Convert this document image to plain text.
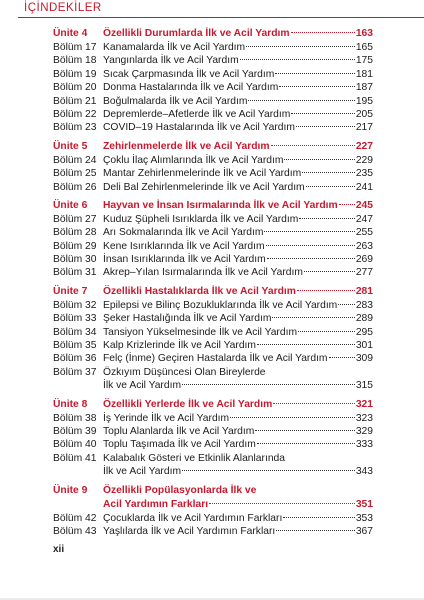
İÇİNDEKİLER
Ünite 4	Özellikli Durumlarda İlk ve Acil Yardım	163
Bölüm 17 Kanamalarda İlk ve Acil Yardım	165
Bölüm 18 Yangınlarda İlk ve Acil Yardım	175
Bölüm 19 Sıcak Çarpmasında İlk ve Acil Yardım	181
Bölüm 20 Donma Hastalarında İlk ve Acil Yardım	187
Bölüm 21 Boğulmalarda İlk ve Acil Yardım	195
Bölüm 22 Depremlerde–Afetlerde İlk ve Acil Yardım	205
Bölüm 23 COVID–19 Hastalarında İlk ve Acil Yardım	217
Ünite 5	Zehirlenmelerde İlk ve Acil Yardım	227
Bölüm 24 Çoklu İlaç Alımlarında İlk ve Acil Yardım	229
Bölüm 25 Mantar Zehirlenmelerinde İlk ve Acil Yardım	235
Bölüm 26 Deli Bal Zehirlenmelerinde İlk ve Acil Yardım	241
Ünite 6	Hayvan ve İnsan Isırmalarında İlk ve Acil Yardım 245
Bölüm 27 Kuduz Şüpheli Isırıklarda İlk ve Acil Yardım	247
Bölüm 28 Arı Sokmalarında İlk ve Acil Yardım	255
Bölüm 29 Kene Isırıklarında İlk ve Acil Yardım	263
Bölüm 30 İnsan Isırıklarında İlk ve Acil Yardım	269
Bölüm 31 Akrep–Yılan Isırmalarında İlk ve Acil Yardım	277
Ünite 7	Özellikli Hastalıklarda İlk ve Acil Yardım	281
Bölüm 32 Epilepsi ve Bilinç Bozukluklarında İlk ve Acil Yardım 283
Bölüm 33 Şeker Hastalığında İlk ve Acil Yardım	289
Bölüm 34 Tansiyon Yükselmesinde İlk ve Acil Yardım	295
Bölüm 35 Kalp Krizlerinde İlk ve Acil Yardım	301
Bölüm 36 Felç (İnme) Geçiren Hastalarda İlk ve Acil Yardım	309
Bölüm 37 Özkıyım Düşüncesi Olan Bireylerde
İlk ve Acil Yardım	315
Ünite 8	Özellikli Yerlerde İlk ve Acil Yardım	321
Bölüm 38 İş Yerinde İlk ve Acil Yardım	323
Bölüm 39 Toplu Alanlarda İlk ve Acil Yardım	329
Bölüm 40 Toplu Taşımada İlk ve Acil Yardım	333
Bölüm 41 Kalabalık Gösteri ve Etkinlik Alanlarında
İlk ve Acil Yardım	343
Ünite 9	Özellikli Popülasyonlarda İlk ve
Acil Yardımın Farkları	351
Bölüm 42 Çocuklarda İlk ve Acil Yardımın Farkları	353
Bölüm 43 Yaşlılarda İlk ve Acil Yardımın Farkları	367
xii
